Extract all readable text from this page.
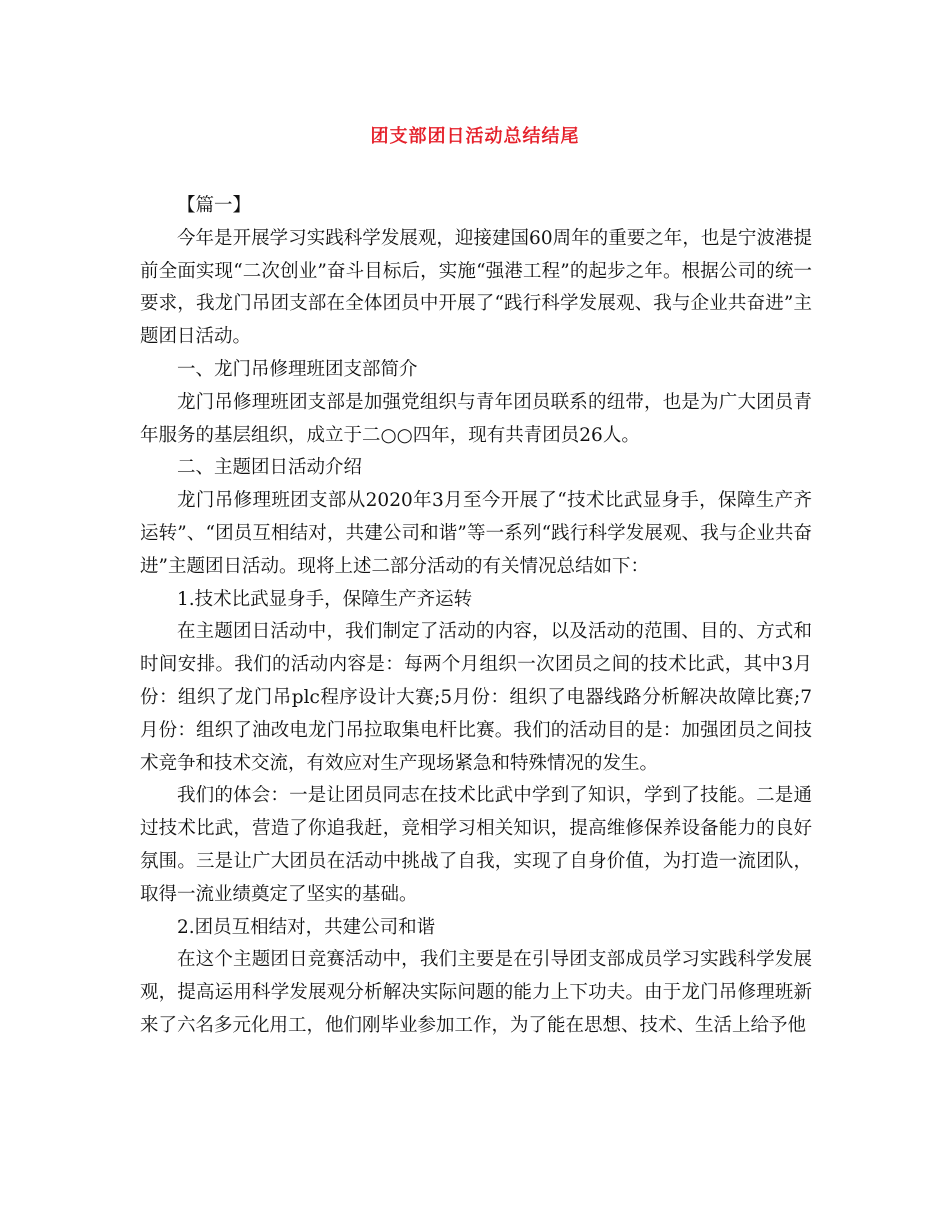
团支部团日活动总结结尾

【篇一】

今年是开展学习实践科学发展观，迎接建国60周年的重要之年，也是宁波港提前全面实现“二次创业”奋斗目标后，实施“强港工程”的起步之年。根据公司的统一要求，我龙门吊团支部在全体团员中开展了“践行科学发展观、我与企业共奋进”主题团日活动。

一、龙门吊修理班团支部简介

龙门吊修理班团支部是加强党组织与青年团员联系的纽带，也是为广大团员青年服务的基层组织，成立于二○○四年，现有共青团员26人。

二、主题团日活动介绍

龙门吊修理班团支部从2020年3月至今开展了“技术比武显身手，保障生产齐运转”、“团员互相结对，共建公司和谐”等一系列“践行科学发展观、我与企业共奋进”主题团日活动。现将上述二部分活动的有关情况总结如下：

1.技术比武显身手，保障生产齐运转

在主题团日活动中，我们制定了活动的内容，以及活动的范围、目的、方式和时间安排。我们的活动内容是：每两个月组织一次团员之间的技术比武，其中3月份：组织了龙门吊plc程序设计大赛;5月份：组织了电器线路分析解决故障比赛;7月份：组织了油改电龙门吊拉取集电杆比赛。我们的活动目的是：加强团员之间技术竞争和技术交流，有效应对生产现场紧急和特殊情况的发生。

我们的体会：一是让团员同志在技术比武中学到了知识，学到了技能。二是通过技术比武，营造了你追我赶，竞相学习相关知识，提高维修保养设备能力的良好氛围。三是让广大团员在活动中挑战了自我，实现了自身价值，为打造一流团队，取得一流业绩奠定了坚实的基础。

2.团员互相结对，共建公司和谐

在这个主题团日竞赛活动中，我们主要是在引导团支部成员学习实践科学发展观，提高运用科学发展观分析解决实际问题的能力上下功夫。由于龙门吊修理班新来了六名多元化用工，他们刚毕业参加工作，为了能在思想、技术、生活上给予他
